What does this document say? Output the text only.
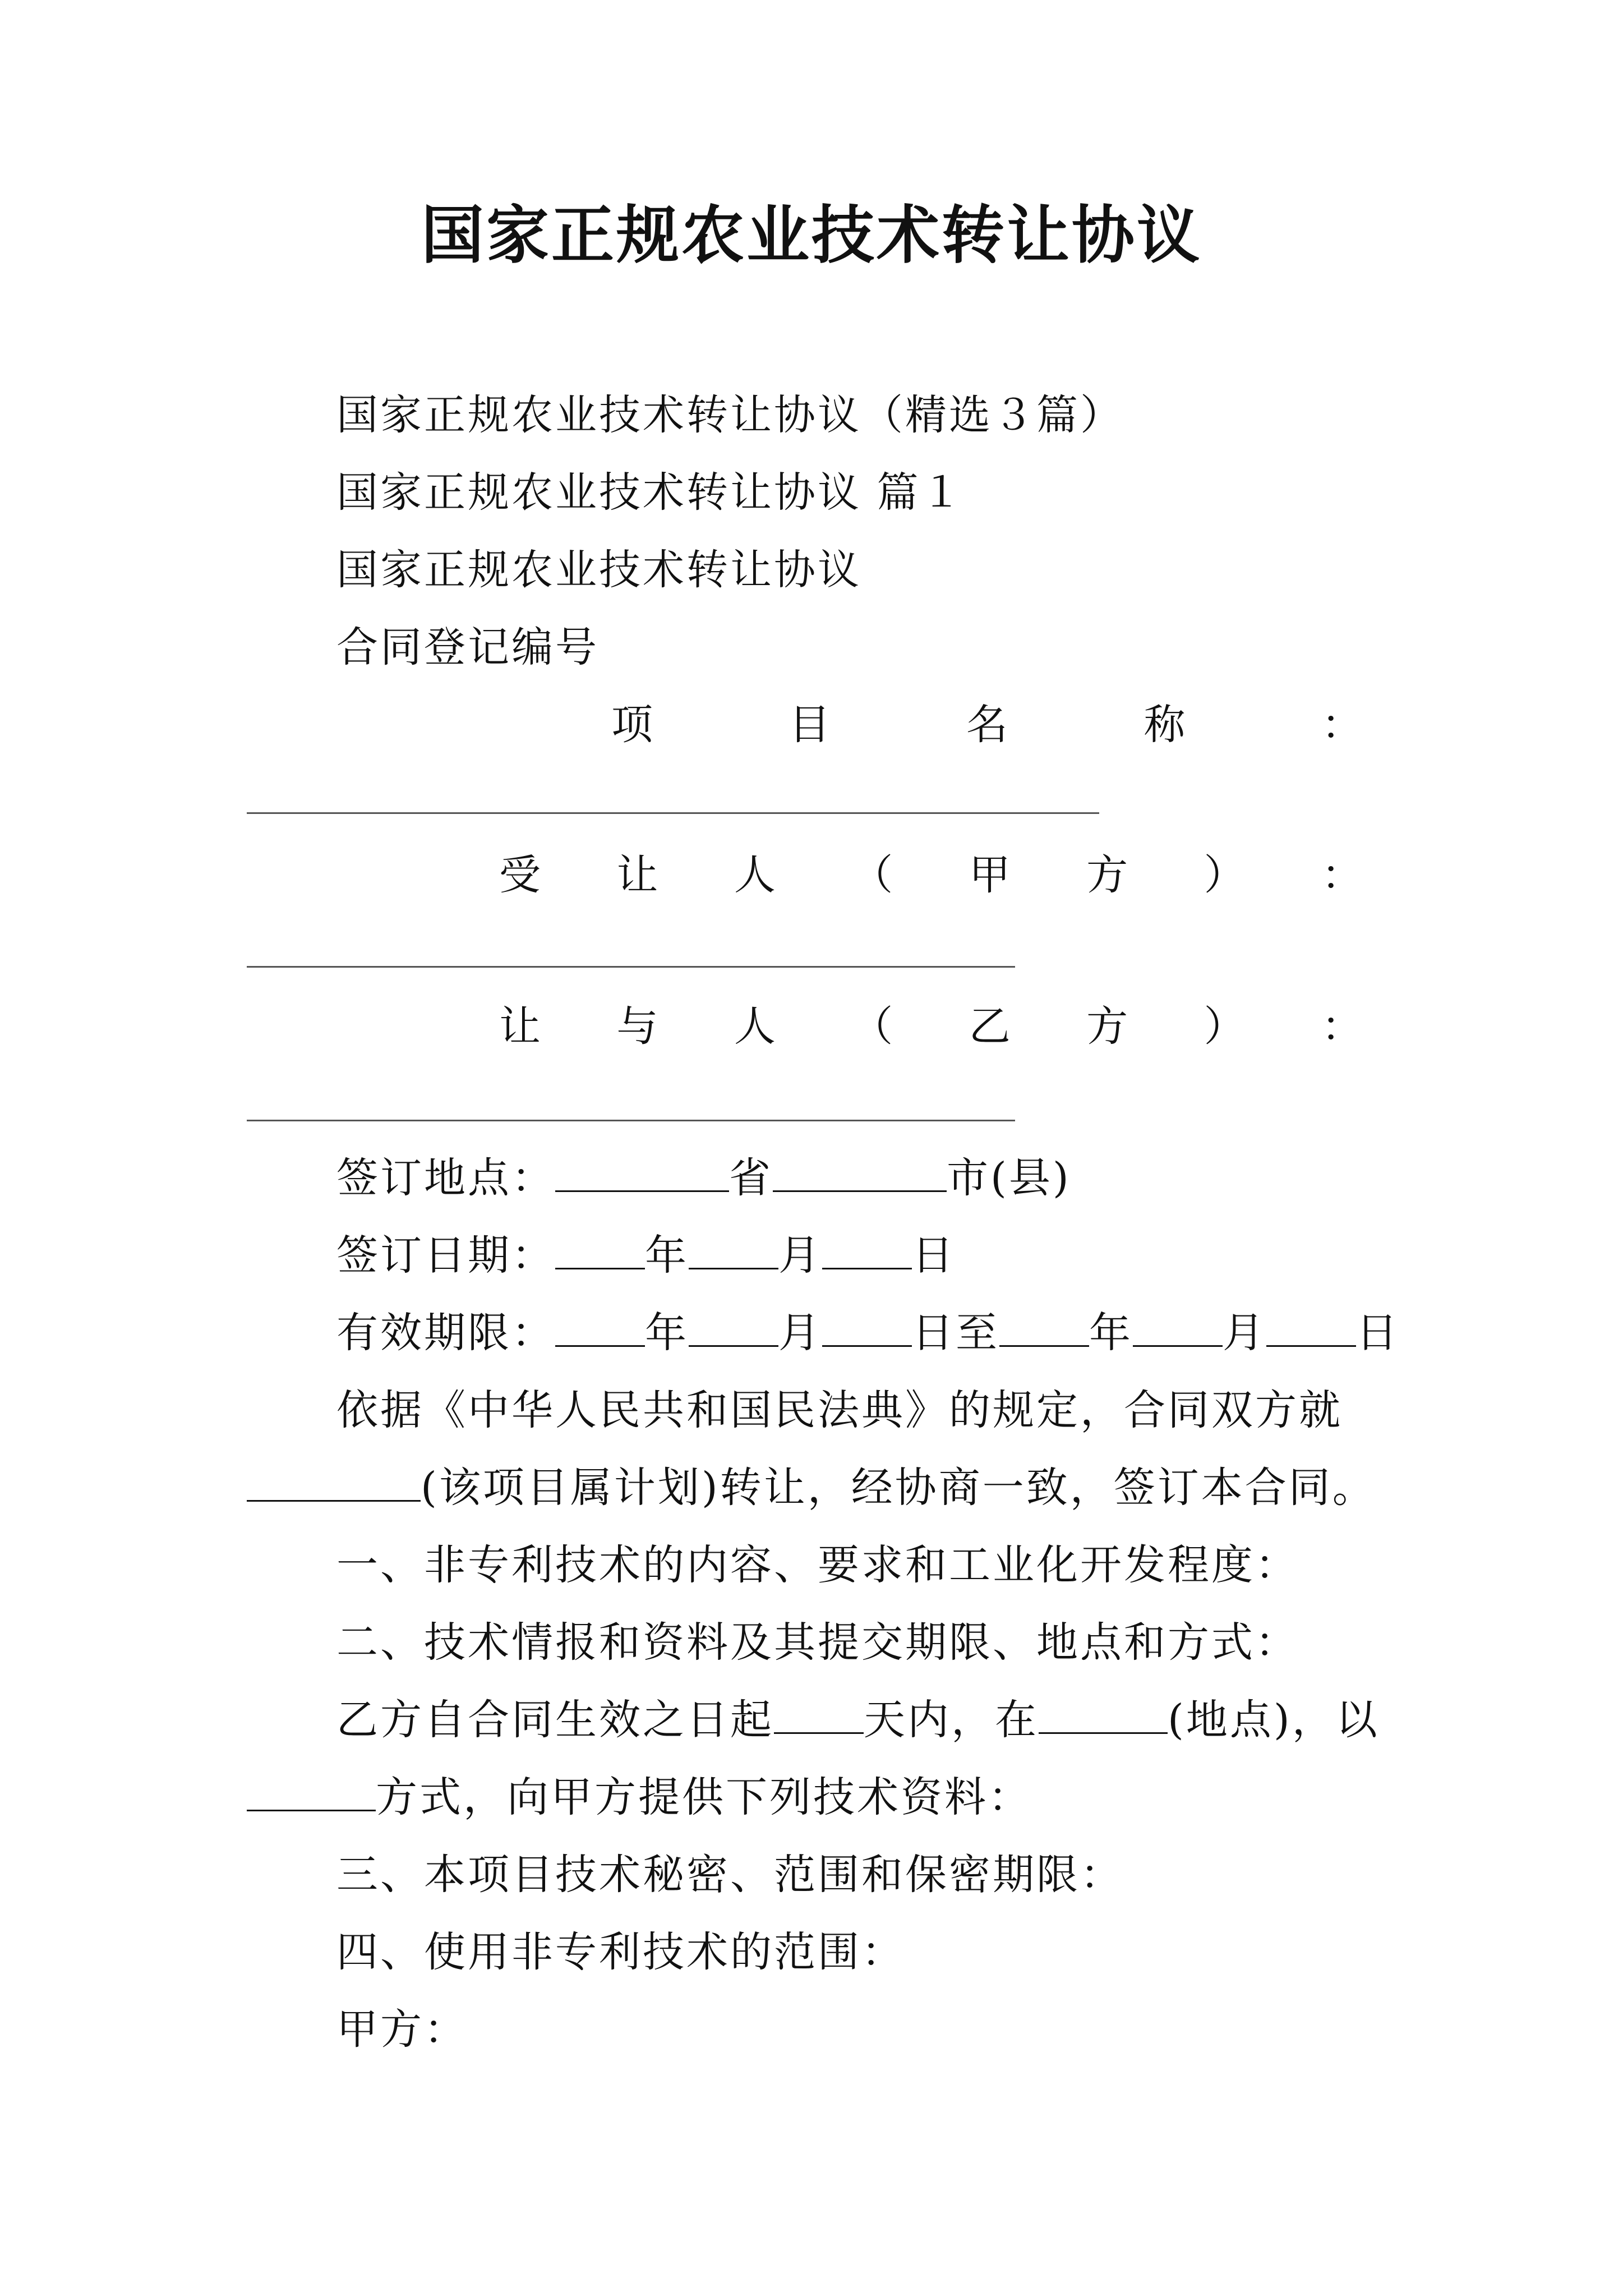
国家正规农业技术转让协议
国家正规农业技术转让协议（精选３篇）
国家正规农业技术转让协议 篇１
国家正规农业技术转让协议
合同登记编号
项	目	名	称	：
受 让 人 （ 甲 方 ） ：
让 与 人 （ 乙 方 ） ：
签订地点：	省	市(县)
签订日期： 年 月 日
有效期限： 年 月 日至 年 月 日
依据《中华人民共和国民法典》的规定，合同双方就
(该项目属计划)转让，经协商一致，签订本合同。
一、非专利技术的内容、要求和工业化开发程度：
二、技术情报和资料及其提交期限、地点和方式：
乙方自合同生效之日起 天内，在	(地点)，以
方式，向甲方提供下列技术资料：
三、本项目技术秘密、范围和保密期限：
四、使用非专利技术的范围：
甲方：
